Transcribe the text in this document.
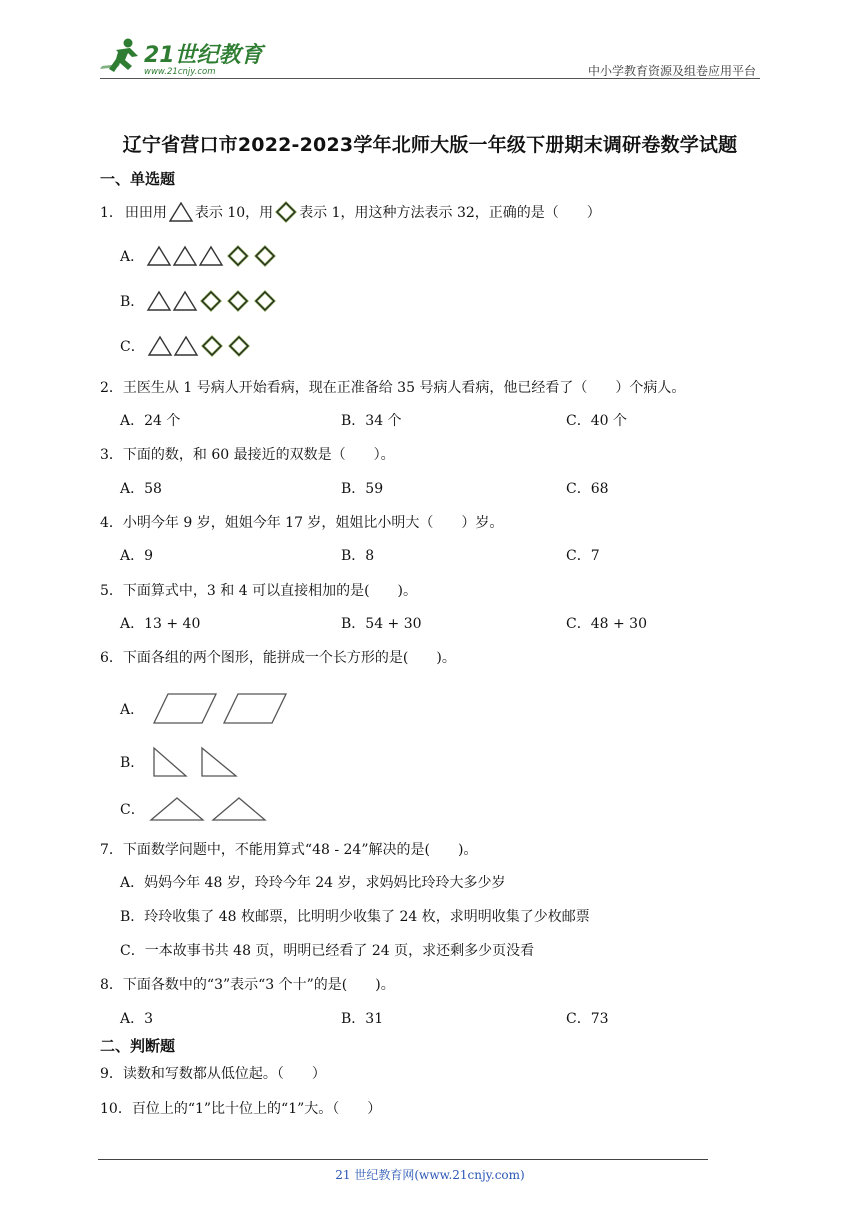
21世纪教育
www.21cnjy.com	中小学教育资源及组卷应用平台
辽宁省营口市2022-2023学年北师大版一年级下册期末调研卷数学试题
一、单选题
1． 田田用 表示 10，用 表示 1，用这种方法表示 32，正确的是（　　）
A．
B．
C．
2．王医生从 1 号病人开始看病，现在正准备给 35 号病人看病，他已经看了（　　）个病人。
A．24 个	B．34 个	C．40 个
3．下面的数，和 60 最接近的双数是（　　）。
A．58	B．59	C．68
4．小明今年 9 岁，姐姐今年 17 岁，姐姐比小明大（　　）岁。
A．9	B．8	C．7
5．下面算式中，3 和 4 可以直接相加的是(　　)。
A．13 + 40	B．54 + 30	C．48 + 30
6．下面各组的两个图形，能拼成一个长方形的是(　　)。
A．
B．
C．
7．下面数学问题中，不能用算式“48 - 24”解决的是(　　)。
A．妈妈今年 48 岁，玲玲今年 24 岁，求妈妈比玲玲大多少岁
B．玲玲收集了 48 枚邮票，比明明少收集了 24 枚，求明明收集了少枚邮票
C．一本故事书共 48 页，明明已经看了 24 页，求还剩多少页没看
8．下面各数中的“3”表示“3 个十”的是(　　)。
A．3	B．31	C．73
二、判断题
9．读数和写数都从低位起。（　　）
10．百位上的“1”比十位上的“1”大。（　　）
21 世纪教育网(www.21cnjy.com)
